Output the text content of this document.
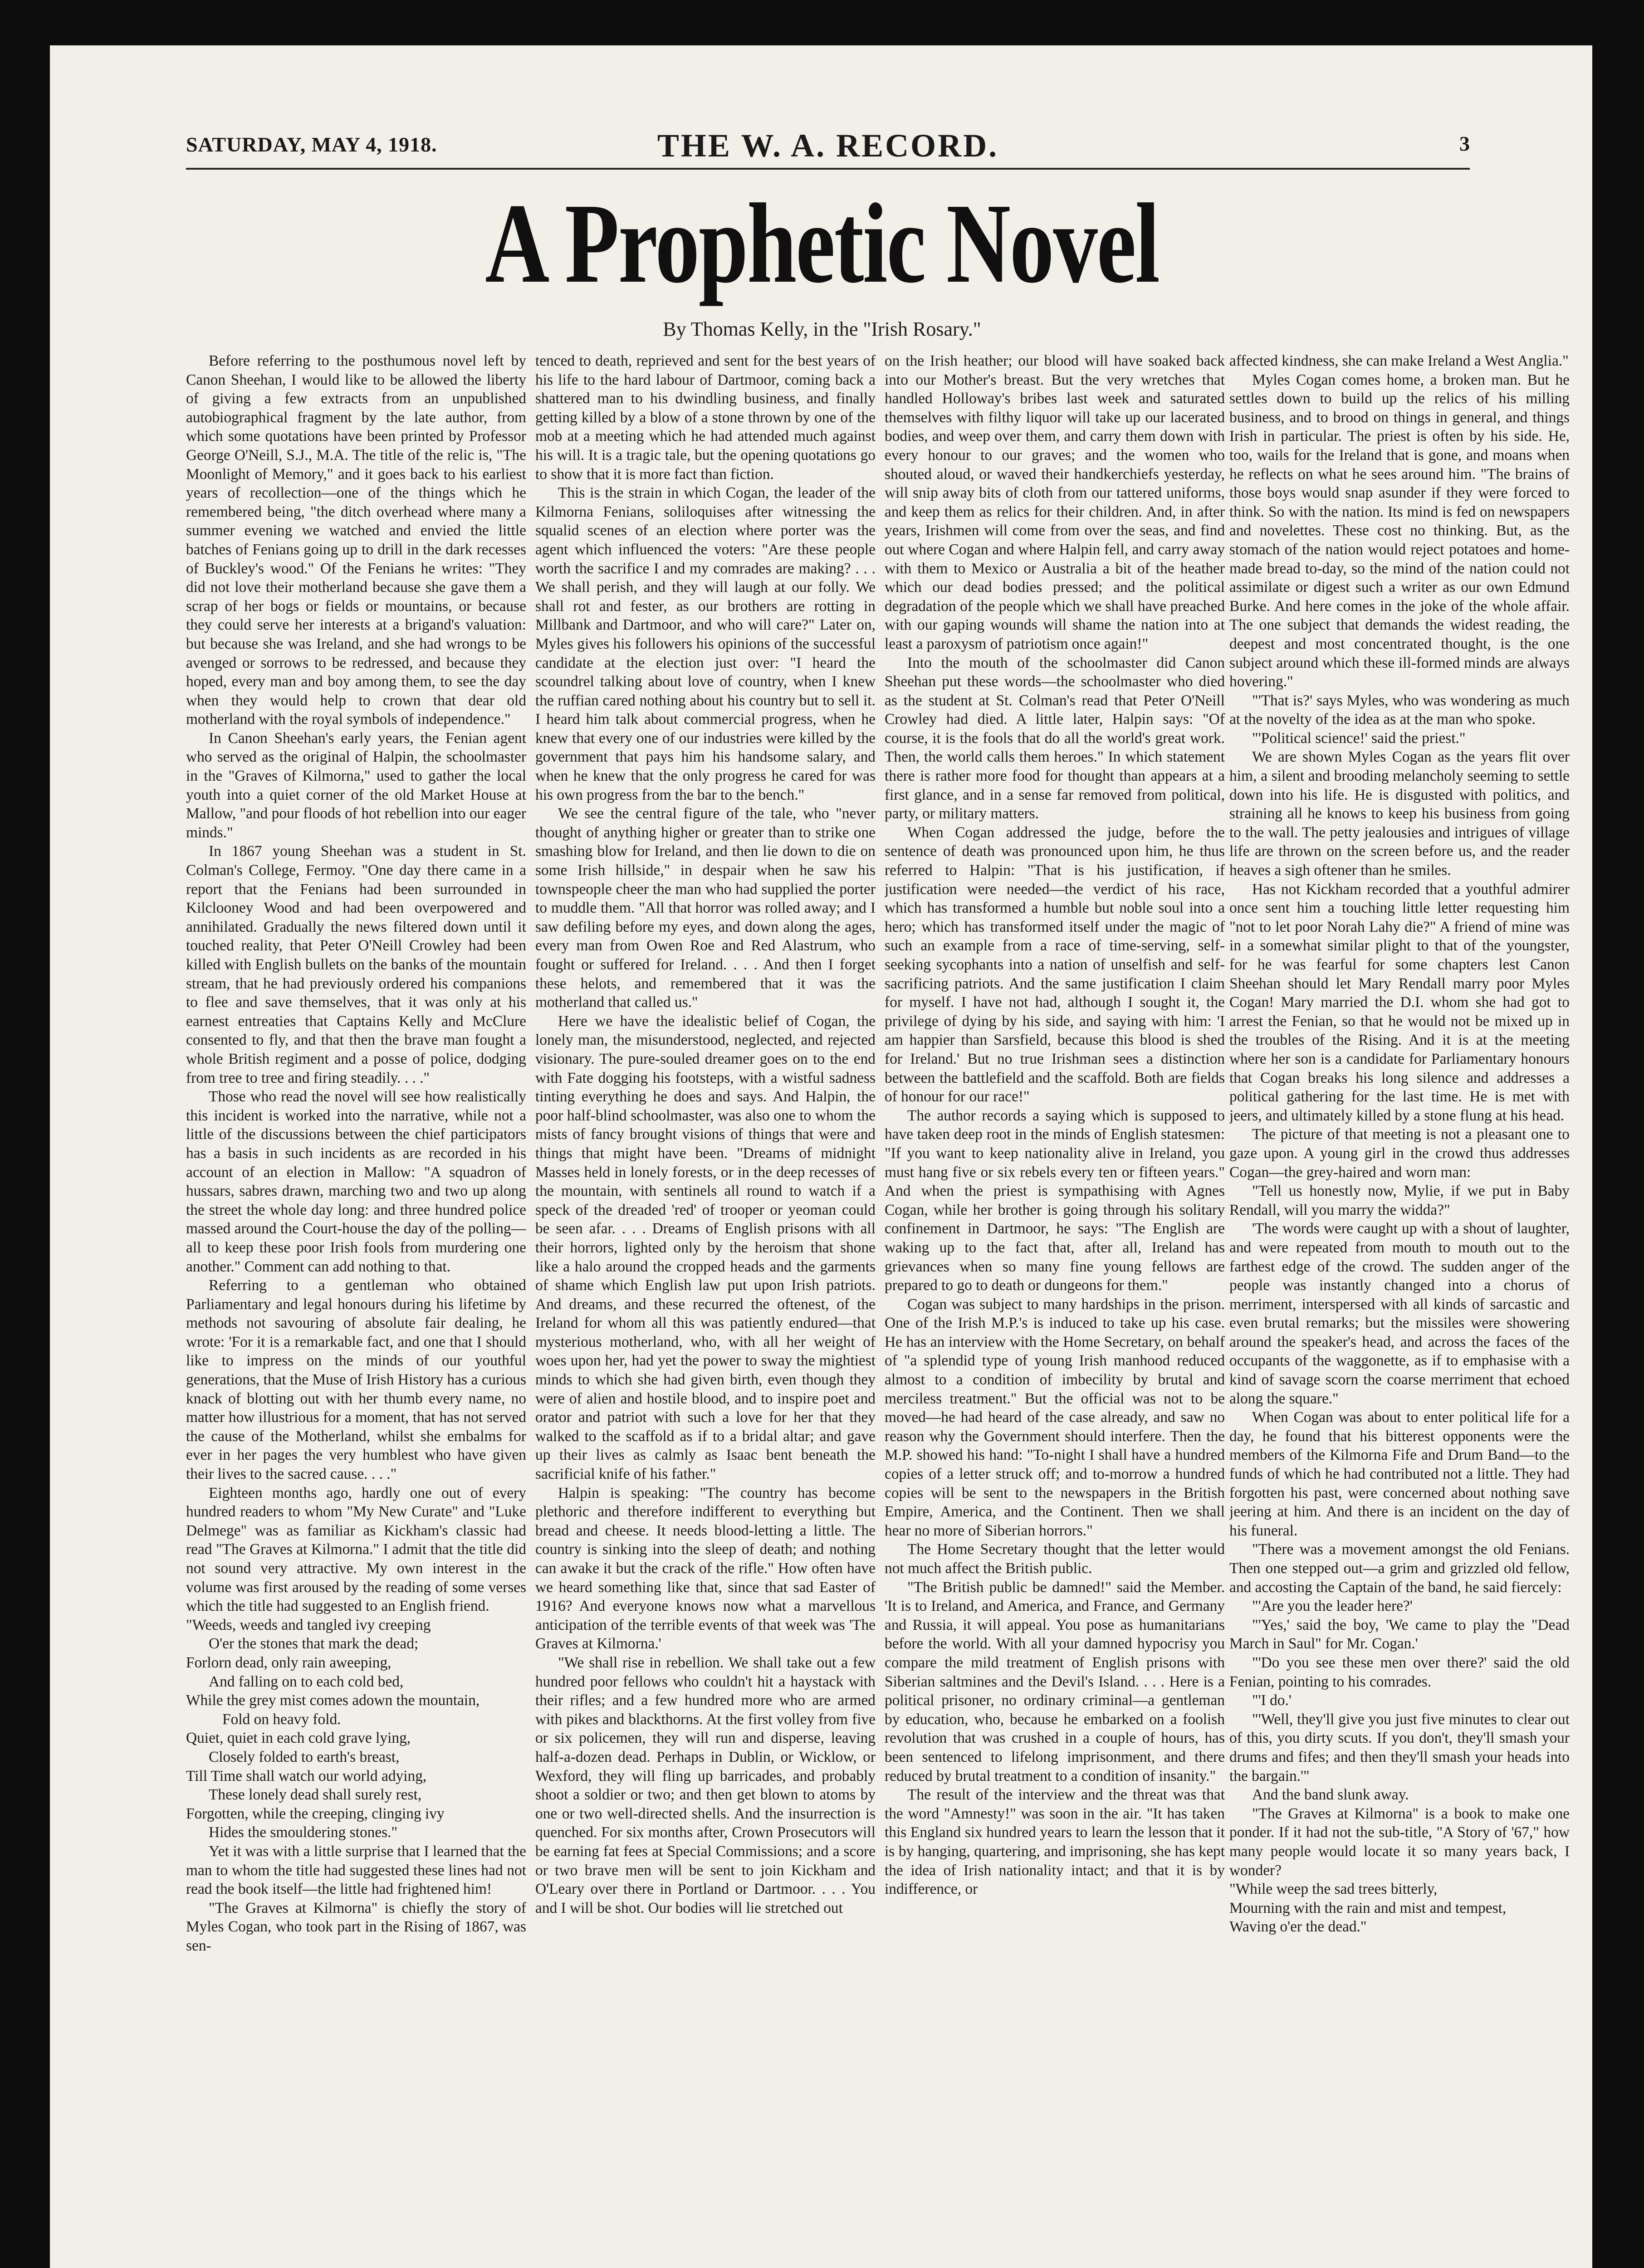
SATURDAY, MAY 4, 1918.	THE W. A. RECORD.	3
A Prophetic Novel
By Thomas Kelly, in the "Irish Rosary."

Before referring to the posthumous novel left by Canon Sheehan, I would like to be allowed the liberty of giving a few extracts from an unpublished autobiographical fragment by the late author, from which some quotations have been printed by Professor George O'Neill, S.J., M.A. The title of the relic is, "The Moonlight of Memory," and it goes back to his earliest years of recollection—one of the things which he remembered being, "the ditch overhead where many a summer evening we watched and envied the little batches of Fenians going up to drill in the dark recesses of Buckley's wood." Of the Fenians he writes: "They did not love their motherland because she gave them a scrap of her bogs or fields or mountains, or because they could serve her interests at a brigand's valuation: but because she was Ireland, and she had wrongs to be avenged or sorrows to be redressed, and because they hoped, every man and boy among them, to see the day when they would help to crown that dear old motherland with the royal symbols of independence."

In Canon Sheehan's early years, the Fenian agent who served as the original of Halpin, the schoolmaster in the "Graves of Kilmorna," used to gather the local youth into a quiet corner of the old Market House at Mallow, "and pour floods of hot rebellion into our eager minds."

In 1867 young Sheehan was a student in St. Colman's College, Fermoy. "One day there came in a report that the Fenians had been surrounded in Kilclooney Wood and had been overpowered and annihilated. Gradually the news filtered down until it touched reality, that Peter O'Neill Crowley had been killed with English bullets on the banks of the mountain stream, that he had previously ordered his companions to flee and save themselves, that it was only at his earnest entreaties that Captains Kelly and McClure consented to fly, and that then the brave man fought a whole British regiment and a posse of police, dodging from tree to tree and firing steadily. . . ."

Those who read the novel will see how realistically this incident is worked into the narrative, while not a little of the discussions between the chief participators has a basis in such incidents as are recorded in his account of an election in Mallow: "A squadron of hussars, sabres drawn, marching two and two up along the street the whole day long: and three hundred police massed around the Court-house the day of the polling—all to keep these poor Irish fools from murdering one another." Comment can add nothing to that.

Referring to a gentleman who obtained Parliamentary and legal honours during his lifetime by methods not savouring of absolute fair dealing, he wrote: 'For it is a remarkable fact, and one that I should like to impress on the minds of our youthful generations, that the Muse of Irish History has a curious knack of blotting out with her thumb every name, no matter how illustrious for a moment, that has not served the cause of the Motherland, whilst she embalms for ever in her pages the very humblest who have given their lives to the sacred cause. . . ."

Eighteen months ago, hardly one out of every hundred readers to whom "My New Curate" and "Luke Delmege" was as familiar as Kickham's classic had read "The Graves at Kilmorna." I admit that the title did not sound very attractive. My own interest in the volume was first aroused by the reading of some verses which the title had suggested to an English friend.

"Weeds, weeds and tangled ivy creeping
O'er the stones that mark the dead;
Forlorn dead, only rain aweeping,
And falling on to each cold bed,
While the grey mist comes adown the mountain,
Fold on heavy fold.
Quiet, quiet in each cold grave lying,
Closely folded to earth's breast,
Till Time shall watch our world adying,
These lonely dead shall surely rest,
Forgotten, while the creeping, clinging ivy
Hides the smouldering stones."

Yet it was with a little surprise that I learned that the man to whom the title had suggested these lines had not read the book itself—the little had frightened him!

"The Graves at Kilmorna" is chiefly the story of Myles Cogan, who took part in the Rising of 1867, was sen-

tenced to death, reprieved and sent for the best years of his life to the hard labour of Dartmoor, coming back a shattered man to his dwindling business, and finally getting killed by a blow of a stone thrown by one of the mob at a meeting which he had attended much against his will. It is a tragic tale, but the opening quotations go to show that it is more fact than fiction.

This is the strain in which Cogan, the leader of the Kilmorna Fenians, soliloquises after witnessing the squalid scenes of an election where porter was the agent which influenced the voters: "Are these people worth the sacrifice I and my comrades are making? . . . We shall perish, and they will laugh at our folly. We shall rot and fester, as our brothers are rotting in Millbank and Dartmoor, and who will care?" Later on, Myles gives his followers his opinions of the successful candidate at the election just over: "I heard the scoundrel talking about love of country, when I knew the ruffian cared nothing about his country but to sell it. I heard him talk about commercial progress, when he knew that every one of our industries were killed by the government that pays him his handsome salary, and when he knew that the only progress he cared for was his own progress from the bar to the bench."

We see the central figure of the tale, who "never thought of anything higher or greater than to strike one smashing blow for Ireland, and then lie down to die on some Irish hillside," in despair when he saw his townspeople cheer the man who had supplied the porter to muddle them. "All that horror was rolled away; and I saw defiling before my eyes, and down along the ages, every man from Owen Roe and Red Alastrum, who fought or suffered for Ireland. . . . And then I forget these helots, and remembered that it was the motherland that called us."

Here we have the idealistic belief of Cogan, the lonely man, the misunderstood, neglected, and rejected visionary. The pure-souled dreamer goes on to the end with Fate dogging his footsteps, with a wistful sadness tinting everything he does and says. And Halpin, the poor half-blind schoolmaster, was also one to whom the mists of fancy brought visions of things that were and things that might have been. "Dreams of midnight Masses held in lonely forests, or in the deep recesses of the mountain, with sentinels all round to watch if a speck of the dreaded 'red' of trooper or yeoman could be seen afar. . . . Dreams of English prisons with all their horrors, lighted only by the heroism that shone like a halo around the cropped heads and the garments of shame which English law put upon Irish patriots. And dreams, and these recurred the oftenest, of the Ireland for whom all this was patiently endured—that mysterious motherland, who, with all her weight of woes upon her, had yet the power to sway the mightiest minds to which she had given birth, even though they were of alien and hostile blood, and to inspire poet and orator and patriot with such a love for her that they walked to the scaffold as if to a bridal altar; and gave up their lives as calmly as Isaac bent beneath the sacrificial knife of his father."

Halpin is speaking: "The country has become plethoric and therefore indifferent to everything but bread and cheese. It needs blood-letting a little. The country is sinking into the sleep of death; and nothing can awake it but the crack of the rifle." How often have we heard something like that, since that sad Easter of 1916? And everyone knows now what a marvellous anticipation of the terrible events of that week was 'The Graves at Kilmorna.'

"We shall rise in rebellion. We shall take out a few hundred poor fellows who couldn't hit a haystack with their rifles; and a few hundred more who are armed with pikes and blackthorns. At the first volley from five or six policemen, they will run and disperse, leaving half-a-dozen dead. Perhaps in Dublin, or Wicklow, or Wexford, they will fling up barricades, and probably shoot a soldier or two; and then get blown to atoms by one or two well-directed shells. And the insurrection is quenched. For six months after, Crown Prosecutors will be earning fat fees at Special Commissions; and a score or two brave men will be sent to join Kickham and O'Leary over there in Portland or Dartmoor. . . . You and I will be shot. Our bodies will lie stretched out

on the Irish heather; our blood will have soaked back into our Mother's breast. But the very wretches that handled Holloway's bribes last week and saturated themselves with filthy liquor will take up our lacerated bodies, and weep over them, and carry them down with every honour to our graves; and the women who shouted aloud, or waved their handkerchiefs yesterday, will snip away bits of cloth from our tattered uniforms, and keep them as relics for their children. And, in after years, Irishmen will come from over the seas, and find out where Cogan and where Halpin fell, and carry away with them to Mexico or Australia a bit of the heather which our dead bodies pressed; and the political degradation of the people which we shall have preached with our gaping wounds will shame the nation into at least a paroxysm of patriotism once again!"

Into the mouth of the schoolmaster did Canon Sheehan put these words—the schoolmaster who died as the student at St. Colman's read that Peter O'Neill Crowley had died. A little later, Halpin says: "Of course, it is the fools that do all the world's great work. Then, the world calls them heroes." In which statement there is rather more food for thought than appears at a first glance, and in a sense far removed from political, party, or military matters.

When Cogan addressed the judge, before the sentence of death was pronounced upon him, he thus referred to Halpin: "That is his justification, if justification were needed—the verdict of his race, which has transformed a humble but noble soul into a hero; which has transformed itself under the magic of such an example from a race of time-serving, self-seeking sycophants into a nation of unselfish and self-sacrificing patriots. And the same justification I claim for myself. I have not had, although I sought it, the privilege of dying by his side, and saying with him: 'I am happier than Sarsfield, because this blood is shed for Ireland.' But no true Irishman sees a distinction between the battlefield and the scaffold. Both are fields of honour for our race!"

The author records a saying which is supposed to have taken deep root in the minds of English statesmen: "If you want to keep nationality alive in Ireland, you must hang five or six rebels every ten or fifteen years." And when the priest is sympathising with Agnes Cogan, while her brother is going through his solitary confinement in Dartmoor, he says: "The English are waking up to the fact that, after all, Ireland has grievances when so many fine young fellows are prepared to go to death or dungeons for them."

Cogan was subject to many hardships in the prison. One of the Irish M.P.'s is induced to take up his case. He has an interview with the Home Secretary, on behalf of "a splendid type of young Irish manhood reduced almost to a condition of imbecility by brutal and merciless treatment." But the official was not to be moved—he had heard of the case already, and saw no reason why the Government should interfere. Then the M.P. showed his hand: "To-night I shall have a hundred copies of a letter struck off; and to-morrow a hundred copies will be sent to the newspapers in the British Empire, America, and the Continent. Then we shall hear no more of Siberian horrors."

The Home Secretary thought that the letter would not much affect the British public.

"The British public be damned!" said the Member. 'It is to Ireland, and America, and France, and Germany and Russia, it will appeal. You pose as humanitarians before the world. With all your damned hypocrisy you compare the mild treatment of English prisons with Siberian saltmines and the Devil's Island. . . . Here is a political prisoner, no ordinary criminal—a gentleman by education, who, because he embarked on a foolish revolution that was crushed in a couple of hours, has been sentenced to lifelong imprisonment, and there reduced by brutal treatment to a condition of insanity."

The result of the interview and the threat was that the word "Amnesty!" was soon in the air. "It has taken this England six hundred years to learn the lesson that it is by hanging, quartering, and imprisoning, she has kept the idea of Irish nationality intact; and that it is by indifference, or

affected kindness, she can make Ireland a West Anglia."

Myles Cogan comes home, a broken man. But he settles down to build up the relics of his milling business, and to brood on things in general, and things Irish in particular. The priest is often by his side. He, too, wails for the Ireland that is gone, and moans when he reflects on what he sees around him. "The brains of those boys would snap asunder if they were forced to think. So with the nation. Its mind is fed on newspapers and novelettes. These cost no thinking. But, as the stomach of the nation would reject potatoes and home-made bread to-day, so the mind of the nation could not assimilate or digest such a writer as our own Edmund Burke. And here comes in the joke of the whole affair. The one subject that demands the widest reading, the deepest and most concentrated thought, is the one subject around which these ill-formed minds are always hovering."

"'That is?' says Myles, who was wondering as much at the novelty of the idea as at the man who spoke.

"'Political science!' said the priest."

We are shown Myles Cogan as the years flit over him, a silent and brooding melancholy seeming to settle down into his life. He is disgusted with politics, and straining all he knows to keep his business from going to the wall. The petty jealousies and intrigues of village life are thrown on the screen before us, and the reader heaves a sigh oftener than he smiles.

Has not Kickham recorded that a youthful admirer once sent him a touching little letter requesting him "not to let poor Norah Lahy die?" A friend of mine was in a somewhat similar plight to that of the youngster, for he was fearful for some chapters lest Canon Sheehan should let Mary Rendall marry poor Myles Cogan! Mary married the D.I. whom she had got to arrest the Fenian, so that he would not be mixed up in the troubles of the Rising. And it is at the meeting where her son is a candidate for Parliamentary honours that Cogan breaks his long silence and addresses a political gathering for the last time. He is met with jeers, and ultimately killed by a stone flung at his head.

The picture of that meeting is not a pleasant one to gaze upon. A young girl in the crowd thus addresses Cogan—the grey-haired and worn man:

"Tell us honestly now, Mylie, if we put in Baby Rendall, will you marry the widda?"

'The words were caught up with a shout of laughter, and were repeated from mouth to mouth out to the farthest edge of the crowd. The sudden anger of the people was instantly changed into a chorus of merriment, interspersed with all kinds of sarcastic and even brutal remarks; but the missiles were showering around the speaker's head, and across the faces of the occupants of the waggonette, as if to emphasise with a kind of savage scorn the coarse merriment that echoed along the square."

When Cogan was about to enter political life for a day, he found that his bitterest opponents were the members of the Kilmorna Fife and Drum Band—to the funds of which he had contributed not a little. They had forgotten his past, were concerned about nothing save jeering at him. And there is an incident on the day of his funeral.

"There was a movement amongst the old Fenians. Then one stepped out—a grim and grizzled old fellow, and accosting the Captain of the band, he said fiercely:

"'Are you the leader here?'

"'Yes,' said the boy, 'We came to play the "Dead March in Saul" for Mr. Cogan.'

"'Do you see these men over there?' said the old Fenian, pointing to his comrades.

"'I do.'

"'Well, they'll give you just five minutes to clear out of this, you dirty scuts. If you don't, they'll smash your drums and fifes; and then they'll smash your heads into the bargain.'"

And the band slunk away.

"The Graves at Kilmorna" is a book to make one ponder. If it had not the sub-title, "A Story of '67," how many people would locate it so many years back, I wonder?

"While weep the sad trees bitterly,
Mourning with the rain and mist and tempest,
Waving o'er the dead."
